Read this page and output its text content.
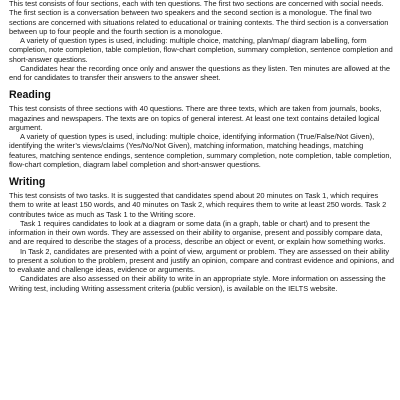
This test consists of four sections, each with ten questions. The first two sections are concerned with social needs. The first section is a conversation between two speakers and the second section is a monologue. The final two sections are concerned with situations related to educational or training contexts. The third section is a conversation between up to four people and the fourth section is a monologue.

A variety of question types is used, including: multiple choice, matching, plan/map/ diagram labelling, form completion, note completion, table completion, flow-chart completion, summary completion, sentence completion and short-answer questions.

Candidates hear the recording once only and answer the questions as they listen. Ten minutes are allowed at the end for candidates to transfer their answers to the answer sheet.

Reading

This test consists of three sections with 40 questions. There are three texts, which are taken from journals, books, magazines and newspapers. The texts are on topics of general interest. At least one text contains detailed logical argument.

A variety of question types is used, including: multiple choice, identifying information (True/False/Not Given), identifying the writer’s views/claims (Yes/No/Not Given), matching information, matching headings, matching features, matching sentence endings, sentence completion, summary completion, note completion, table completion, flow-chart completion, diagram label completion and short-answer questions.

Writing

This test consists of two tasks. It is suggested that candidates spend about 20 minutes on Task 1, which requires them to write at least 150 words, and 40 minutes on Task 2, which requires them to write at least 250 words. Task 2 contributes twice as much as Task 1 to the Writing score.

Task 1 requires candidates to look at a diagram or some data (in a graph, table or chart) and to present the information in their own words. They are assessed on their ability to organise, present and possibly compare data, and are required to describe the stages of a process, describe an object or event, or explain how something works.

In Task 2, candidates are presented with a point of view, argument or problem. They are assessed on their ability to present a solution to the problem, present and justify an opinion, compare and contrast evidence and opinions, and to evaluate and challenge ideas, evidence or arguments.

Candidates are also assessed on their ability to write in an appropriate style. More information on assessing the Writing test, including Writing assessment criteria (public version), is available on the IELTS website.
